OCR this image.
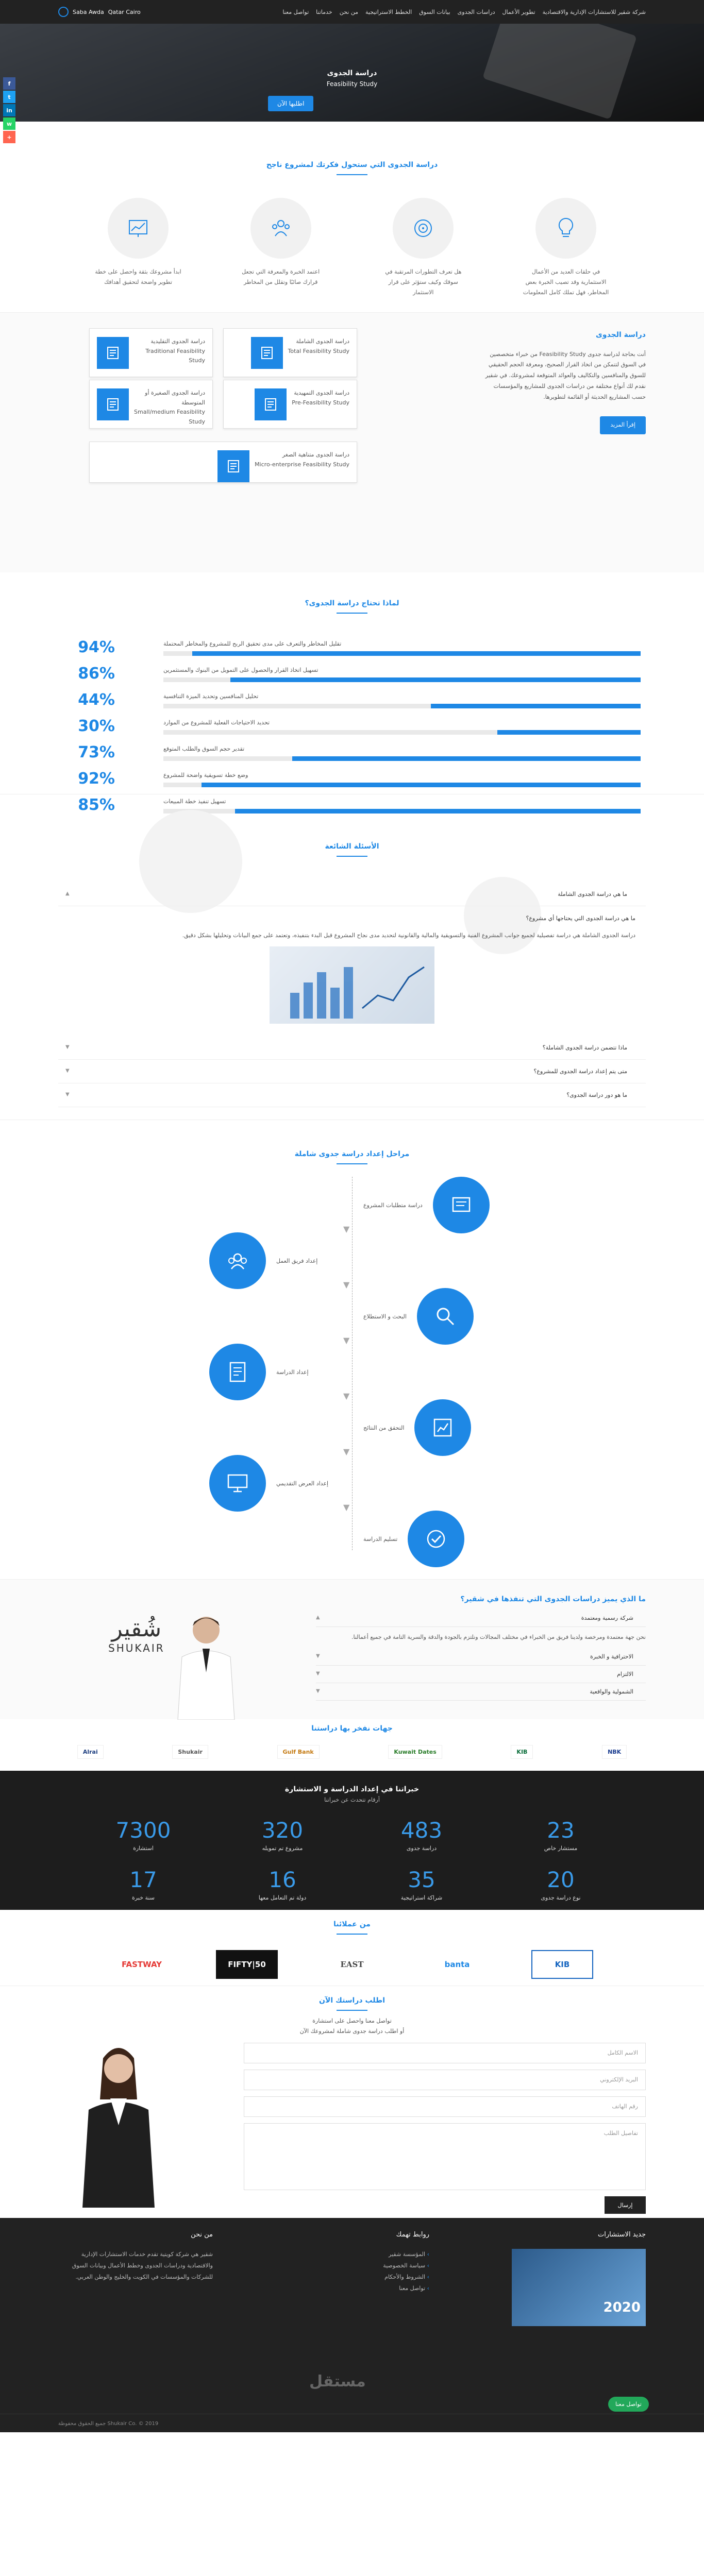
f
t
in
w
+
شركة شقير للاستشارات الإدارية والاقتصادية
تطوير الأعمال
دراسات الجدوى
بيانات السوق
الخطط الاستراتيجية
من نحن
خدماتنا
تواصل معنا
Qatar Cairo
Saba Awda
دراسة الجدوى
Feasibility Study
اطلبها الآن
دراسة الجدوى التي ستحول فكرتك لمشروع ناجح

في حلقات العديد من الأعمال الاستثمارية وقد تصيب الخبرة بعض المخاطر، فهل تملك كامل المعلومات

هل تعرف التطورات المرتقبة في سوقك وكيف ستؤثر على قرار الاستثمار

اعتمد الخبرة والمعرفة التي تجعل قرارك صائبًا وتقلل من المخاطر

ابدأ مشروعك بثقة واحصل على خطة تطوير واضحة لتحقيق أهدافك

دراسة الجدوى

أنت بحاجة لدراسة جدوى Feasibility Study من خبراء متخصصين في السوق لتتمكن من اتخاذ القرار الصحيح، ومعرفة الحجم الحقيقي للسوق والمنافسين والتكاليف والعوائد المتوقعة لمشروعك. في شقير نقدم لك أنواع مختلفة من دراسات الجدوى للمشاريع والمؤسسات حسب المشاريع الحديثة أو القائمة لتطويرها.

إقرأ المزيد
دراسة الجدوى الشاملة
Total Feasibility Study
دراسة الجدوى التقليدية
Traditional Feasibility Study
دراسة الجدوى التمهيدية
Pre-Feasibility Study
دراسة الجدوى الصغيرة أو المتوسطة
Small/medium Feasibility Study
دراسة الجدوى متناهية الصغر
Micro-enterprise Feasibility Study
لماذا تحتاج دراسة الجدوى؟
تقليل المخاطر والتعرف على مدى تحقيق الربح للمشروع والمخاطر المحتملة
94%
تسهيل اتخاذ القرار والحصول على التمويل من البنوك والمستثمرين
86%
تحليل المنافسين وتحديد الميزة التنافسية
44%
تحديد الاحتياجات الفعلية للمشروع من الموارد
30%
تقدير حجم السوق والطلب المتوقع
73%
وضع خطة تسويقية واضحة للمشروع
92%
تسهيل تنفيذ خطة المبيعات
85%
الأسئلة الشائعة
ما هي دراسة الجدوى الشاملة
▲

ما هي دراسة الجدوى التي يحتاجها أي مشروع؟

دراسة الجدوى الشاملة هي دراسة تفصيلية لجميع جوانب المشروع الفنية والتسويقية والمالية والقانونية لتحديد مدى نجاح المشروع قبل البدء بتنفيذه، وتعتمد على جمع البيانات وتحليلها بشكل دقيق.

ماذا تتضمن دراسة الجدوى الشاملة؟
▼
متى يتم إعداد دراسة الجدوى للمشروع؟
▼
ما هو دور دراسة الجدوى؟
▼
مراحل إعداد دراسة جدوى شاملة
دراسة متطلبات المشروع
▼
إعداد فريق العمل
▼
البحث و الاستطلاع
▼
إعداد الدراسة
▼
التحقق من النتائج
▼
إعداد العرض التقديمي
▼
تسليم الدراسة
ما الذي يميز دراسات الجدوى التي تنفذها في شقير؟
شركة رسمية ومعتمدة
▲
نحن جهة معتمدة ومرخصة ولدينا فريق من الخبراء في مختلف المجالات ونلتزم بالجودة والدقة والسرية التامة في جميع أعمالنا.
الاحترافية و الخبرة
▼
الالتزام
▼
الشمولية والواقعية
▼
شُقير
SHUKAIR
جهات نفخر بها دراستنا
NBK
KIB
Kuwait Dates
Gulf Bank
Shukair
Alrai
خبراتنا في إعداد الدراسة و الاستشارة
أرقام تتحدث عن خبراتنا
23
مستشار خاص
483
دراسة جدوى
320
مشروع تم تمويله
7300
استشارة
20
نوع دراسة جدوى
35
شراكة استراتيجية
16
دولة تم التعامل معها
17
سنة خبرة
من عملائنا
KIB
banta
EAST
FIFTY|50
FASTWAY
اطلب دراستك الآن

تواصل معنا واحصل على استشارة

أو اطلب دراسة جدوى شاملة لمشروعك الآن

الاسم الكامل
البريد الإلكتروني
رقم الهاتف
تفاصيل الطلب
إرسال
جديد الاستشارات
2020
روابط تهمك
› المؤسسة شقير
› سياسة الخصوصية
› الشروط والأحكام
› تواصل معنا
من نحن

شقير هي شركة كويتية تقدم خدمات الاستشارات الإدارية والاقتصادية ودراسات الجدوى وخطط الأعمال وبيانات السوق للشركات والمؤسسات في الكويت والخليج والوطن العربي.

مستقل
تواصل معنا
Shukair Co. © 2019 جميع الحقوق محفوظة
